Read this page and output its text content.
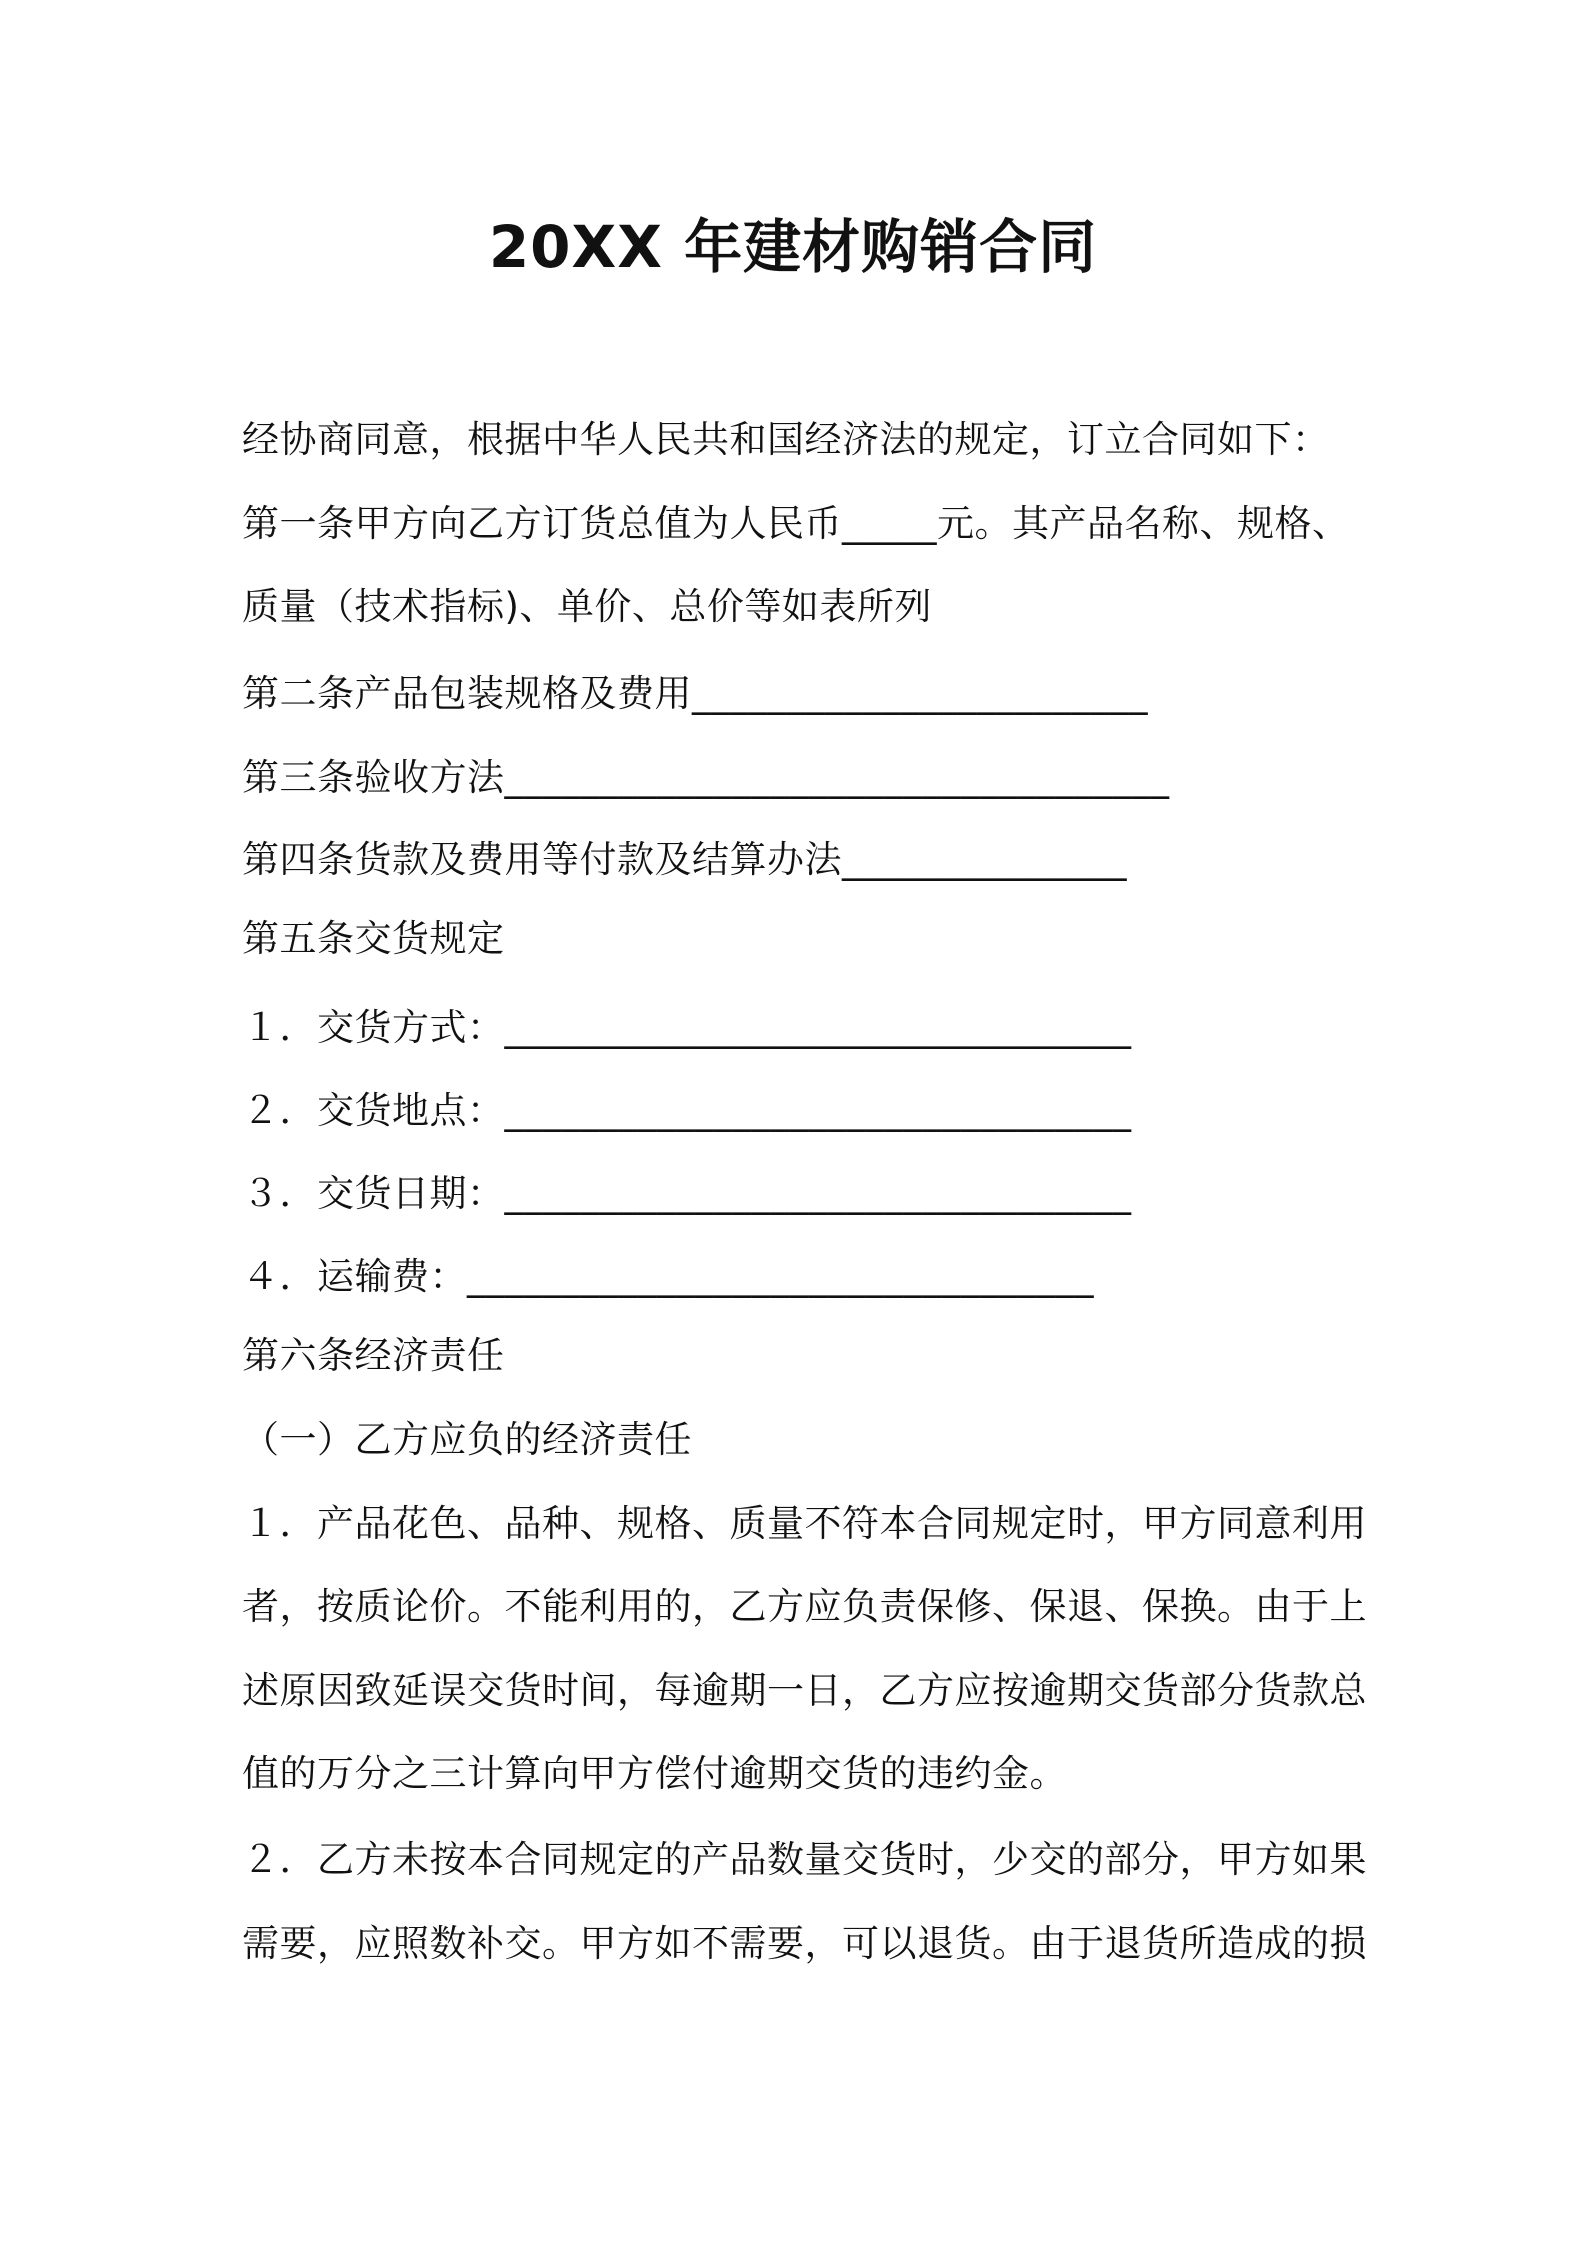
20XX 年建材购销合同
经协商同意，根据中华人民共和国经济法的规定，订立合同如下：
第一条甲方向乙方订货总值为人民币_____元。其产品名称、规格、
质量（技术指标)、单价、总价等如表所列
第二条产品包装规格及费用________________________
第三条验收方法___________________________________
第四条货款及费用等付款及结算办法_______________
第五条交货规定
１．交货方式：_________________________________
２．交货地点：_________________________________
３．交货日期：_________________________________
４．运输费：_________________________________
第六条经济责任
（一）乙方应负的经济责任
１．产品花色、品种、规格、质量不符本合同规定时，甲方同意利用
者，按质论价。不能利用的，乙方应负责保修、保退、保换。由于上
述原因致延误交货时间，每逾期一日，乙方应按逾期交货部分货款总
值的万分之三计算向甲方偿付逾期交货的违约金。
２．乙方未按本合同规定的产品数量交货时，少交的部分，甲方如果
需要，应照数补交。甲方如不需要，可以退货。由于退货所造成的损
